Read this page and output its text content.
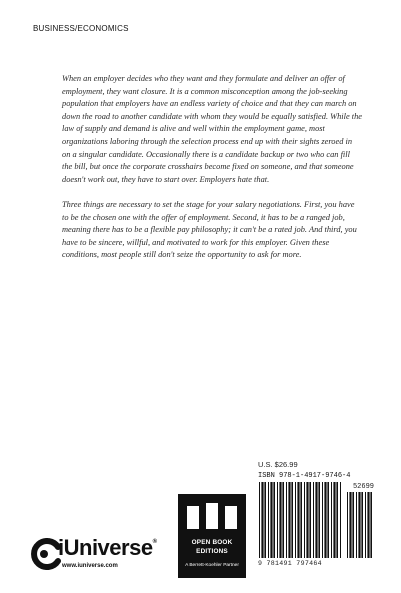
BUSINESS/ECONOMICS

When an employer decides who they want and they formulate and deliver an offer of employment, they want closure. It is a common misconception among the job-seeking population that employers have an endless variety of choice and that they can march on down the road to another candidate with whom they would be equally satisfied. While the law of supply and demand is alive and well within the employment game, most organizations laboring through the selection process end up with their sights zeroed in on a singular candidate. Occasionally there is a candidate backup or two who can fill the bill, but once the corporate crosshairs become fixed on someone, and that someone doesn't work out, they have to start over. Employers hate that.

Three things are necessary to set the stage for your salary negotiations. First, you have to be the chosen one with the offer of employment. Second, it has to be a ranged job, meaning there has to be a flexible pay philosophy; it can't be a rated job. And third, you have to be sincere, willful, and motivated to work for this employer. Given these conditions, most people still don't seize the opportunity to ask for more.

U.S. $26.99
ISBN 978-1-4917-9746-4
52699
9 781491 797464
OPEN BOOK
EDITIONS
A Berrett-Koehler Partner
iUniverse®
www.iuniverse.com
